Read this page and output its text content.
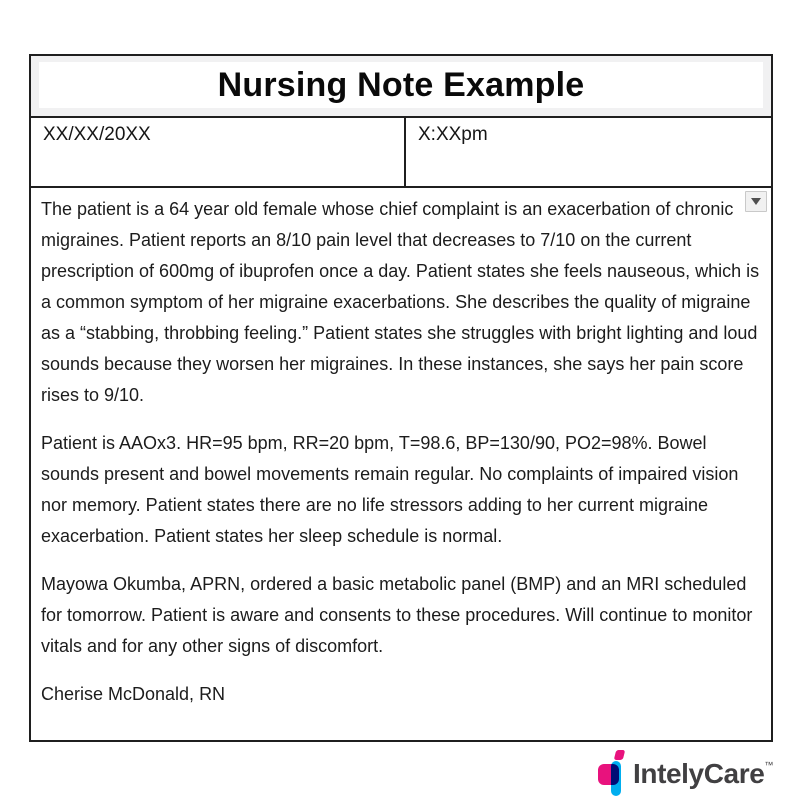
Nursing Note Example
XX/XX/20XX	X:XXpm

The patient is a 64 year old female whose chief complaint is an exacerbation of chronic migraines. Patient reports an 8/10 pain level that decreases to 7/10 on the current prescription of 600mg of ibuprofen once a day. Patient states she feels nauseous, which is a common symptom of her migraine exacerbations. She describes the quality of migraine as a “stabbing, throbbing feeling.” Patient states she struggles with bright lighting and loud sounds because they worsen her migraines. In these instances, she says her pain score rises to 9/10.

Patient is AAOx3. HR=95 bpm, RR=20 bpm, T=98.6, BP=130/90, PO2=98%. Bowel sounds present and bowel movements remain regular. No complaints of impaired vision nor memory. Patient states there are no life stressors adding to her current migraine exacerbation. Patient states her sleep schedule is normal.

Mayowa Okumba, APRN, ordered a basic metabolic panel (BMP) and an MRI scheduled for tomorrow. Patient is aware and consents to these procedures. Will continue to monitor vitals and for any other signs of discomfort.

Cherise McDonald, RN

IntelyCare™
